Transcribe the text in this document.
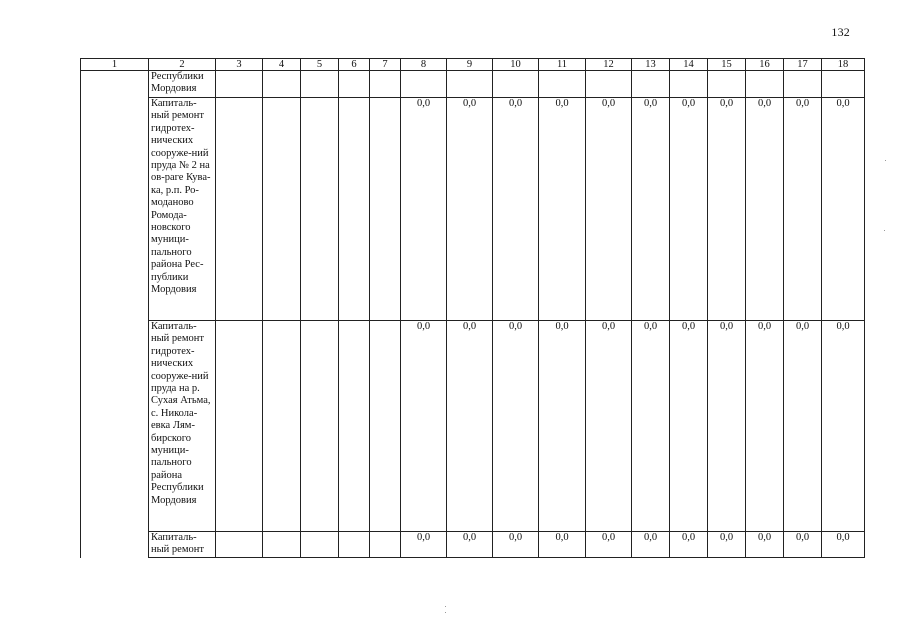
132
1	2	3	4	5	6	7	8	9	10	11	12	13	14	15	16	17	18
	Республики Мордовия																
	Капиталь-ный ремонт гидротех-нических сооруже-ний пруда № 2 на ов-раге Кува-ка, р.п. Ро-моданово Ромода-новского муници-пального района Рес-публики Мордовия						0,0	0,0	0,0	0,0	0,0	0,0	0,0	0,0	0,0	0,0	0,0
	Капиталь-ный ремонт гидротех-нических сооруже-ний пруда на р. Сухая Атьма, с. Никола-евка Лям-бирского муници-пального района Республики Мордовия						0,0	0,0	0,0	0,0	0,0	0,0	0,0	0,0	0,0	0,0	0,0
	Капиталь-ный ремонт						0,0	0,0	0,0	0,0	0,0	0,0	0,0	0,0	0,0	0,0	0,0
